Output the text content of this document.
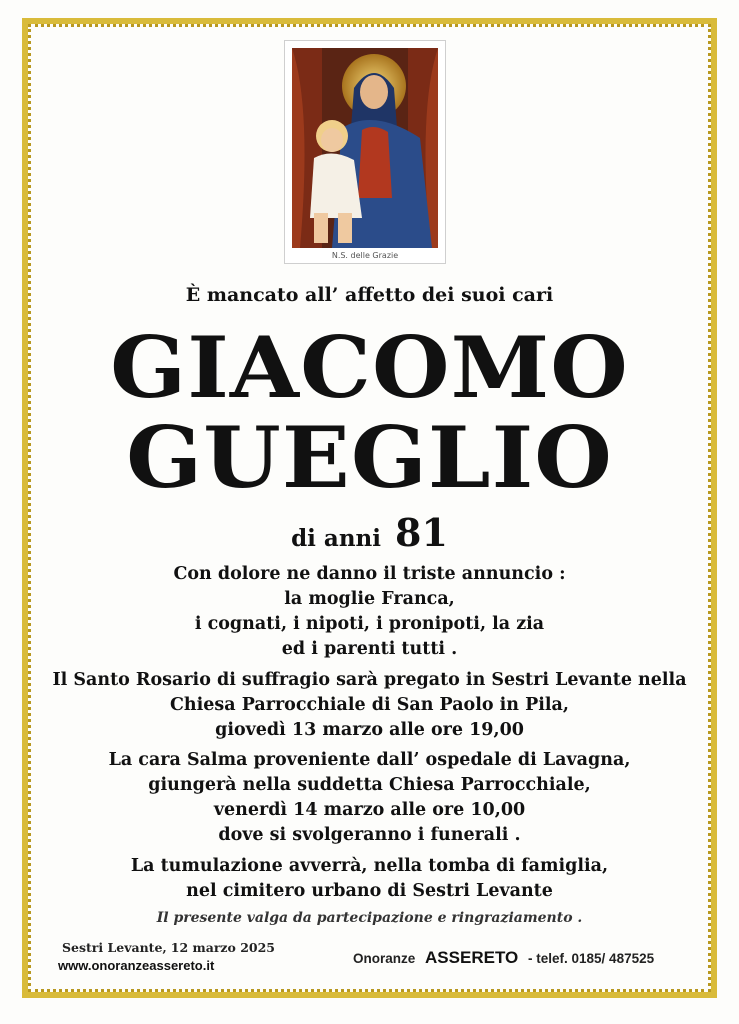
N.S. delle Grazie
È mancato all’ affetto dei suoi cari
GIACOMO
GUEGLIO
di anni 81
Con dolore ne danno il triste annuncio :
la moglie Franca,
i cognati, i nipoti, i pronipoti, la zia
ed i parenti tutti .
Il Santo Rosario di suffragio sarà pregato in Sestri Levante nella
Chiesa Parrocchiale di San Paolo in Pila,
giovedì 13 marzo alle ore 19,00
La cara Salma proveniente dall’ ospedale di Lavagna,
giungerà nella suddetta Chiesa Parrocchiale,
venerdì 14 marzo alle ore 10,00
dove si svolgeranno i funerali .
La tumulazione avverrà, nella tomba di famiglia,
nel cimitero urbano di Sestri Levante
Il presente valga da partecipazione e ringraziamento .
Sestri Levante, 12 marzo 2025
www.onoranzeassereto.it	Onoranze ASSERETO - telef. 0185/ 487525
